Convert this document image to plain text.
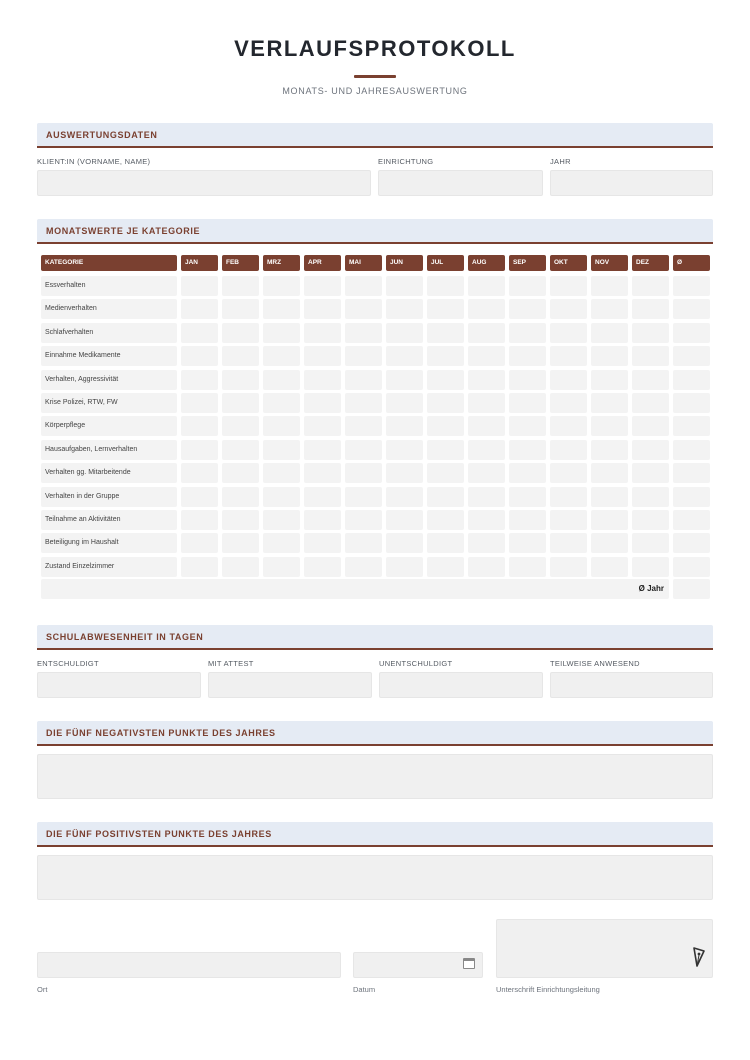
VERLAUFSPROTOKOLL
MONATS- UND JAHRESAUSWERTUNG
AUSWERTUNGSDATEN
KLIENT:IN (VORNAME, NAME)	EINRICHTUNG	JAHR
MONATSWERTE JE KATEGORIE
KATEGORIE	JAN	FEB	MRZ	APR	MAI	JUN	JUL	AUG	SEP	OKT	NOV	DEZ	Ø
Essverhalten
Medienverhalten
Schlafverhalten
Einnahme Medikamente
Verhalten, Aggressivität
Krise Polizei, RTW, FW
Körperpflege
Hausaufgaben, Lernverhalten
Verhalten gg. Mitarbeitende
Verhalten in der Gruppe
Teilnahme an Aktivitäten
Beteiligung im Haushalt
Zustand Einzelzimmer
Ø Jahr
SCHULABWESENHEIT IN TAGEN
ENTSCHULDIGT	MIT ATTEST	UNENTSCHULDIGT	TEILWEISE ANWESEND
DIE FÜNF NEGATIVSTEN PUNKTE DES JAHRES
DIE FÜNF POSITIVSTEN PUNKTE DES JAHRES
Ort	Datum	Unterschrift Einrichtungsleitung
